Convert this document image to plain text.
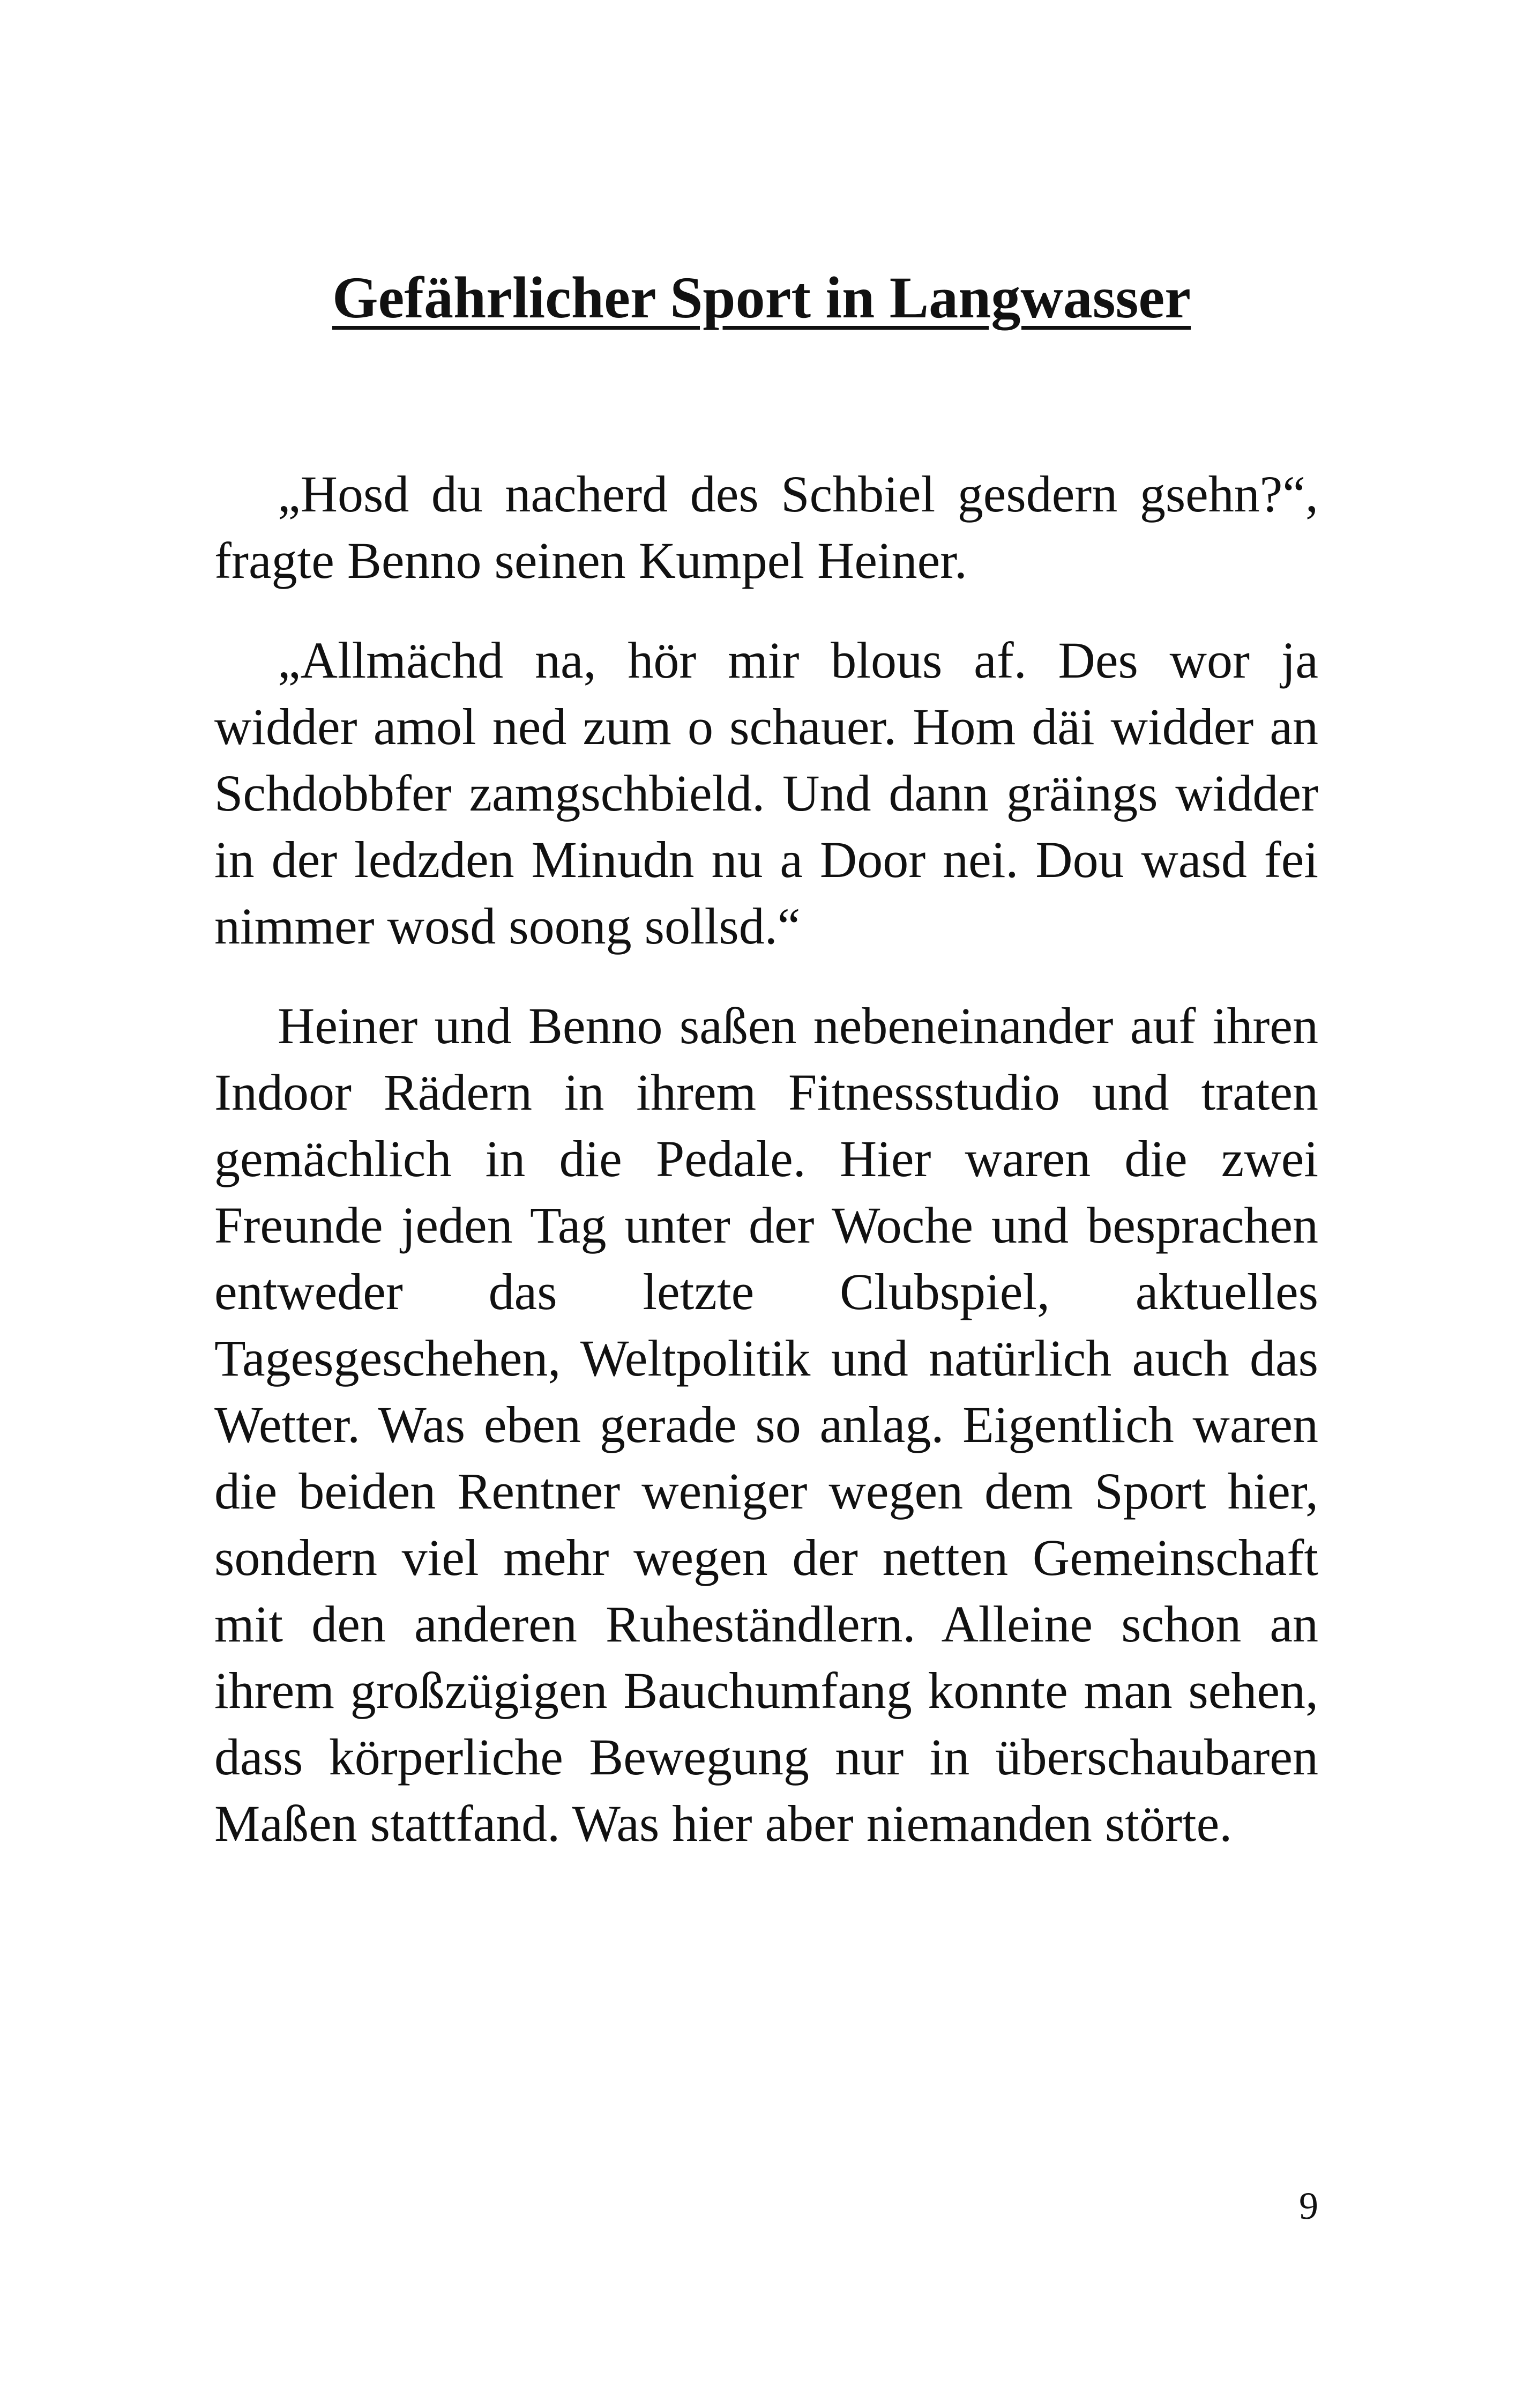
Gefährlicher Sport in Langwasser

„Hosd du nacherd des Schbiel gesdern gsehn?“, fragte Benno seinen Kumpel Heiner.

„Allmächd na, hör mir blous af. Des wor ja widder amol ned zum o schauer. Hom däi widder an Schdobbfer zamgschbield. Und dann gräings widder in der ledzden Minudn nu a Door nei. Dou wasd fei nimmer wosd soong sollsd.“

Heiner und Benno saßen nebeneinander auf ihren Indoor Rädern in ihrem Fitnessstudio und traten gemächlich in die Pedale. Hier waren die zwei Freunde jeden Tag unter der Woche und besprachen entweder das letzte Clubspiel, aktuelles Tagesgeschehen, Weltpolitik und natürlich auch das Wetter. Was eben gerade so anlag. Eigentlich waren die beiden Rentner weniger wegen dem Sport hier, sondern viel mehr wegen der netten Gemeinschaft mit den anderen Ruheständlern. Alleine schon an ihrem großzügigen Bauchumfang konnte man sehen, dass körperliche Bewegung nur in überschaubaren Maßen stattfand. Was hier aber niemanden störte.

9
